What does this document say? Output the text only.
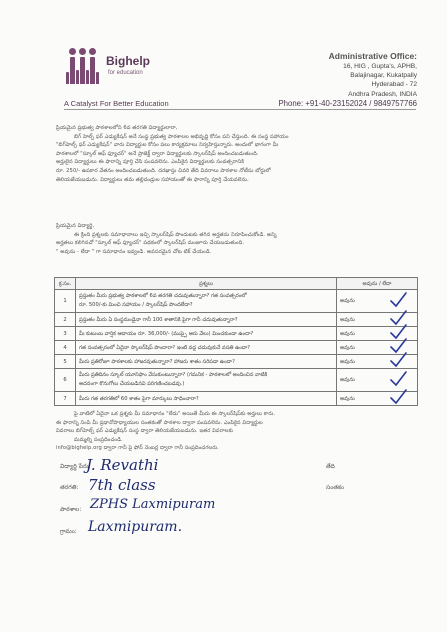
Bighelp
for education
A Catalyst For Better Education
Administrative Office:
16, HIG , Gupta's, APHB,
Balajinagar, Kukatpally
Hyderabad - 72
Andhra Pradesh, INDIA
Phone: +91-40-23152024 / 9849757766
ప్రియమైన ప్రభుత్వ పాఠశాలలోని 6వ తరగతి విద్యార్థులారా,
బిగ్ హెల్ప్ ఫర్ ఎడ్యుకేషన్ అనే సంస్థ ప్రభుత్వ పాఠశాలల అభివృద్ధి కోసం పని చేస్తుంది. ఈ సంస్థ సహాయం
"బిగ్‌హెల్ప్ ఫర్ ఎడ్యుకేషన్" వారు విద్యార్థుల కోసం పలు కార్యక్రమాలు నిర్వహిస్తున్నారు. అందులో భాగంగా మీ
పాఠశాలలో "స్కూల్ ఆఫ్ ఫ్యూచర్" అనే ప్రాజెక్ట్ ద్వారా విద్యార్థులకు స్కాలర్‌షిప్ అందించబడుతుంది.
అర్హులైన విద్యార్థులు ఈ ఫారాన్ని పూర్తి చేసి పంపవలెను. ఎంపికైన విద్యార్థులకు సంవత్సరానికి
రూ. 250/- ఉపకార వేతనం అందించబడుతుంది. దరఖాస్తు చివరి తేది వివరాలు పాఠశాల నోటీసు బోర్డులో
తెలియజేయబడును. విద్యార్థులు తమ తల్లిదండ్రుల సహాయంతో ఈ ఫారాన్ని పూర్తి చేయవలెను.
ప్రియమైన విద్యార్థి,
ఈ క్రింది ప్రశ్నలకు సమాధానాలు ఇచ్చి స్కాలర్‌షిప్ పొందుటకు తగిన అర్హతను నిరూపించుకోండి. అన్ని
అర్హతలు కలిగినచో "స్కూల్ ఆఫ్ ఫ్యూచర్" పథకంలో స్కాలర్‌షిప్ మంజూరు చేయబడుతుంది.
" అవును - లేదా " గా సమాధానం ఇవ్వండి. అవసరమైన చోట టిక్ చేయండి.
క్ర.సం.	ప్రశ్నలు	అవును / లేదా
1	ప్రస్తుతం మీరు ప్రభుత్వ పాఠశాలలో 6వ తరగతి చదువుతున్నారా? గత సంవత్సరంలో
రూ. 500/-కు మించి సహాయం / స్కాలర్‌షిప్ పొందలేదా?	అవును

2	ప్రస్తుతం మీరు ఏ సంస్థనుండైనా గానీ 100 శాతానికి పైగా గానీ చదువుతున్నారా?	అవును

3	మీ కుటుంబ వార్షిక ఆదాయం రూ. 36,000/- (ముప్పై ఆరు వేలు) మించకుండా ఉందా?	అవును

4	గత సంవత్సరంలో ఏదైనా స్కాలర్‌షిప్ పొందారా? ఇంటి వద్ద చదువుకునే వసతి ఉందా?	అవును

5	మీరు ప్రతిరోజూ పాఠశాలకు హాజరవుతున్నారా? హాజరు శాతం సరిపడా ఉందా?	అవును

6	మీరు ప్రతిదినం స్కూల్ యూనిఫాం వేసుకుంటున్నారా? (గమనిక - పాఠశాలలో అందించిన వాటికి
అదనంగా కొనుగోలు చేయబడినవి పరిగణించబడవు.)	అవును

7	మీరు గత తరగతిలో 60 శాతం పైగా మార్కులు సాధించారా?	అవును
పై వాటిలో ఏదైనా ఒక ప్రశ్నకు మీ సమాధానం "లేదు" అయితే మీరు ఈ స్కాలర్‌షిప్‌కు అర్హులు కారు.
ఈ ఫారాన్ని నింపి మీ ప్రధానోపాధ్యాయుల సంతకంతో పాఠశాల ద్వారా పంపవలెను. ఎంపికైన విద్యార్థుల
వివరాలు బిగ్‌హెల్ప్ ఫర్ ఎడ్యుకేషన్ సంస్థ ద్వారా తెలియజేయబడును. ఇతర వివరాలకు
మమ్మల్ని సంప్రదించండి.
info@bighelp.org ద్వారా గానీ పై ఫోన్ నెంబర్ల ద్వారా గానీ సంప్రదించగలరు.
విద్యార్థి పేరు:
J. Revathi
తరగతి: 7th class
పాఠశాల: ZPHS Laxmipuram
గ్రామం: Laxmipuram.
తేది
సంతకం
